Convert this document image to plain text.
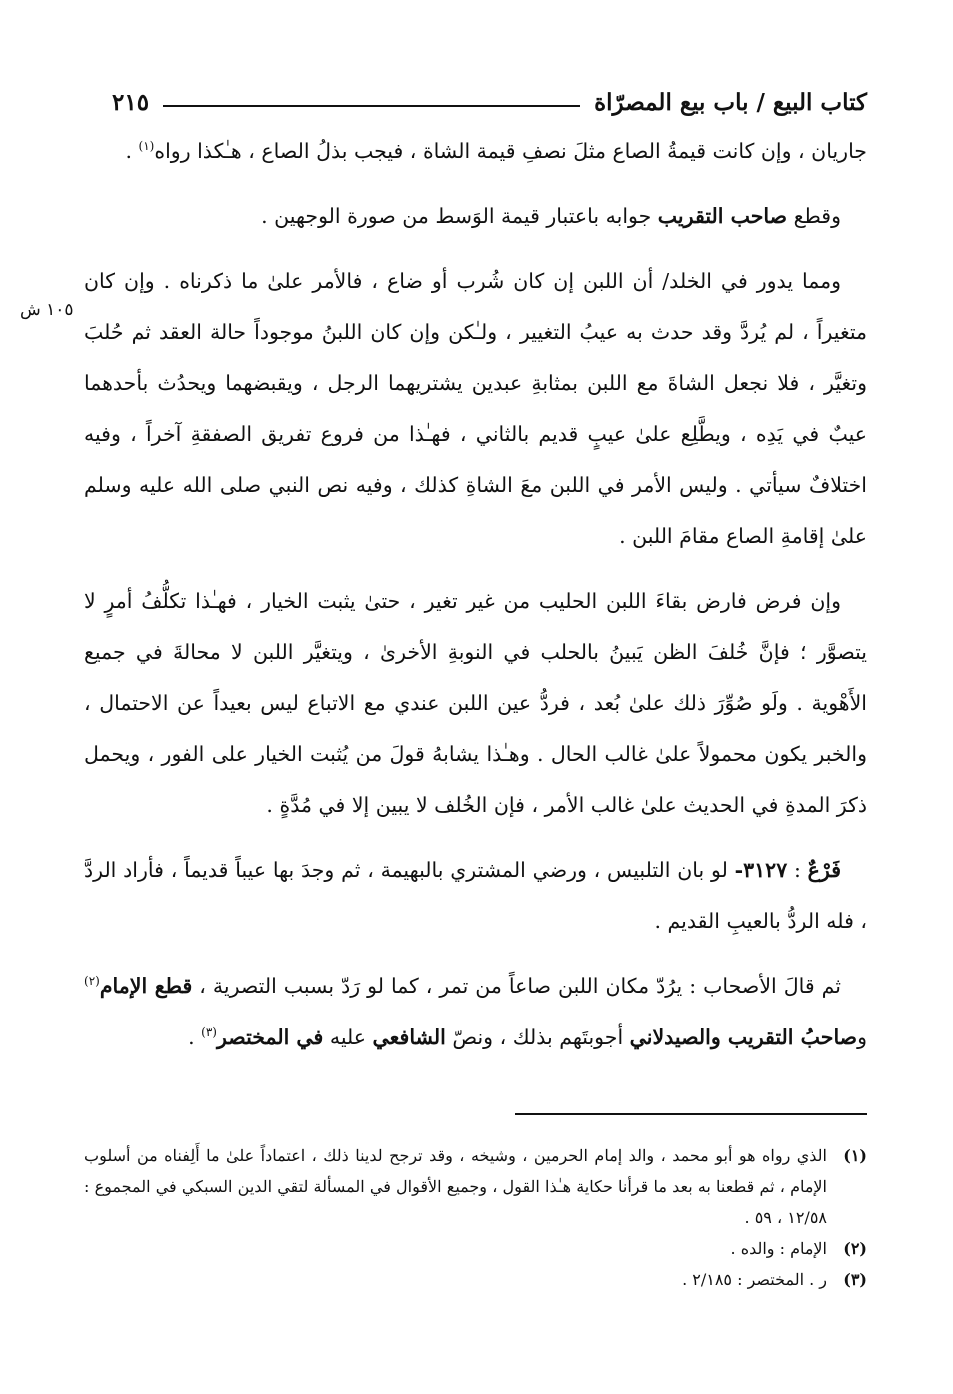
كتاب البيع / باب بيع المصرّاة
٢١٥
١٠٥ ش

جاريان ، وإن كانت قيمةُ الصاع مثلَ نصفِ قيمة الشاة ، فيجب بذلُ الصاع ، هـٰكذا رواه$^{(١)}$ .

وقطع صاحب التقريب جوابه باعتبار قيمة الوَسط من صورة الوجهين .

ومما يدور في الخلد/ أن اللبن إن كان شُرب أو ضاع ، فالأمر علىٰ ما ذكرناه . وإن كان متغيراً ، لم يُردَّ وقد حدث به عيبُ التغيير ، ولـٰكن وإن كان اللبنُ موجوداً حالة العقد ثم حُلبَ وتغيَّر ، فلا نجعل الشاةَ مع اللبن بمثابةِ عبدين يشتريهما الرجل ، ويقبضهما ويحدُث بأحدهما عيبٌ في يَدِه ، ويطَّلِع علىٰ عيبٍ قديم بالثاني ، فهـٰذا من فروع تفريق الصفقةِ آخراً ، وفيه اختلافٌ سيأتي . وليس الأمر في اللبن معَ الشاةِ كذلك ، وفيه نص النبي صلى الله عليه وسلم علىٰ إقامةِ الصاع مقامَ اللبن .

وإن فرض فارض بقاءَ اللبن الحليب من غير تغير ، حتىٰ يثبت الخيار ، فهـٰذا تكلُّفُ أمرٍ لا يتصوَّر ؛ فإنَّ خُلفَ الظن يَبينُ بالحلب في النوبةِ الأخرىٰ ، ويتغيَّر اللبن لا محالةَ في جميع الأَهْوية . ولَو صُوِّرَ ذلك علىٰ بُعد ، فردُّ عين اللبن عندي مع الاتباع ليس بعيداً عن الاحتمال ، والخبر يكون محمولاً علىٰ غالب الحال . وهـٰذا يشابهُ قولَ من يُثبت الخيار على الفور ، ويحمل ذكرَ المدةِ في الحديث علىٰ غالب الأمر ، فإن الخُلف لا يبين إلا في مُدَّةٍ .

فَرْعٌ : ٣١٢٧- لو بان التلبيس ، ورضي المشتري بالبهيمة ، ثم وجدَ بها عيباً قديماً ، فأراد الردَّ ، فله الردُّ بالعيبِ القديم .

ثم قالَ الأصحاب : يرُدّ مكان اللبن صاعاً من تمر ، كما لو رَدّ بسبب التصرية ، قطع الإمام$^{(٢)}$ وصاحبُ التقريب والصيدلاني أجوبتَهم بذلك ، ونصّ الشافعي عليه في المختصر$^{(٣)}$ .

(١)
الذي رواه هو أبو محمد ، والد إمام الحرمين ، وشيخه ، وقد ترجح لدينا ذلك ، اعتماداً علىٰ ما أَلِفناه من أسلوب الإمام ، ثم قطعنا به بعد ما قرأنا حكاية هـٰذا القول ، وجميع الأقوال في المسألة لتقي الدين السبكي في المجموع : ١٢/٥٨ ، ٥٩ .
(٢)
الإمام : والده .
(٣)
ر . المختصر : ٢/١٨٥ .
